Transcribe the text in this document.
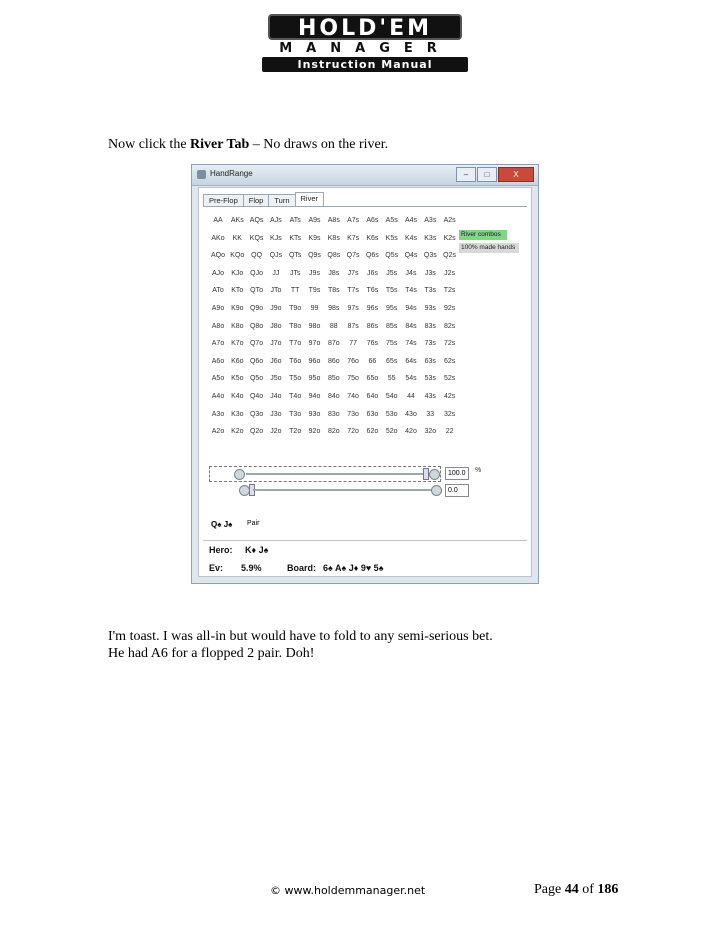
HOLD'EM
MANAGER
Instruction Manual
Now click the River Tab – No draws on the river.
HandRange	–	□	X
Pre-Flop	Flop	Turn	River
AA	AKs AQs AJs	ATs	A9s	A8s	A7s	A6s	A5s	A4s	A3s	A2s
AKo	KK	KQs KJs	KTs	K9s	K8s	K7s	K6s	K5s	K4s	K3s	K2s
AQo KQo QQ	QJs QTs Q9s Q8s Q7s Q6s Q5s Q4s Q3s Q2s
AJo	KJo QJo	JJ	JTs	J9s	J8s	J7s	J6s	J5s	J4s	J3s	J2s
ATo	KTo QTo	JTo	TT	T9s	T8s	T7s	T6s	T5s	T4s	T3s	T2s
A9o K9o Q9o	J9o	T9o	99	98s	97s	96s	95s	94s	93s	92s
A8o K8o Q8o	J8o	T8o	98o	88	87s	86s	85s	84s	83s	82s
A7o K7o Q7o	J7o	T7o	97o	87o	77	76s	75s	74s	73s	72s
A6o K6o Q6o	J6o	T6o	96o	86o	76o	66	65s	64s	63s	62s
A5o K5o Q5o	J5o	T5o	95o	85o	75o	65o	55	54s	53s	52s
A4o K4o Q4o	J4o	T4o	94o	84o	74o	64o	54o	44	43s	42s
A3o K3o Q3o	J3o	T3o	93o	83o	73o	63o	53o	43o	33	32s
A2o K2o Q2o	J2o	T2o	92o	82o	72o	62o	52o	42o	32o	22
River combos
100% made hands
100.0	%
0.0
Q♠ J♠ Pair
Hero: K♦ J♠
Ev: 5.9%	Board: 6♠ A♠ J♦ 9♥ 5♠
I'm toast. I was all-in but would have to fold to any semi-serious bet.
He had A6 for a flopped 2 pair. Doh!
© www.holdemmanager.net	Page 44 of 186
